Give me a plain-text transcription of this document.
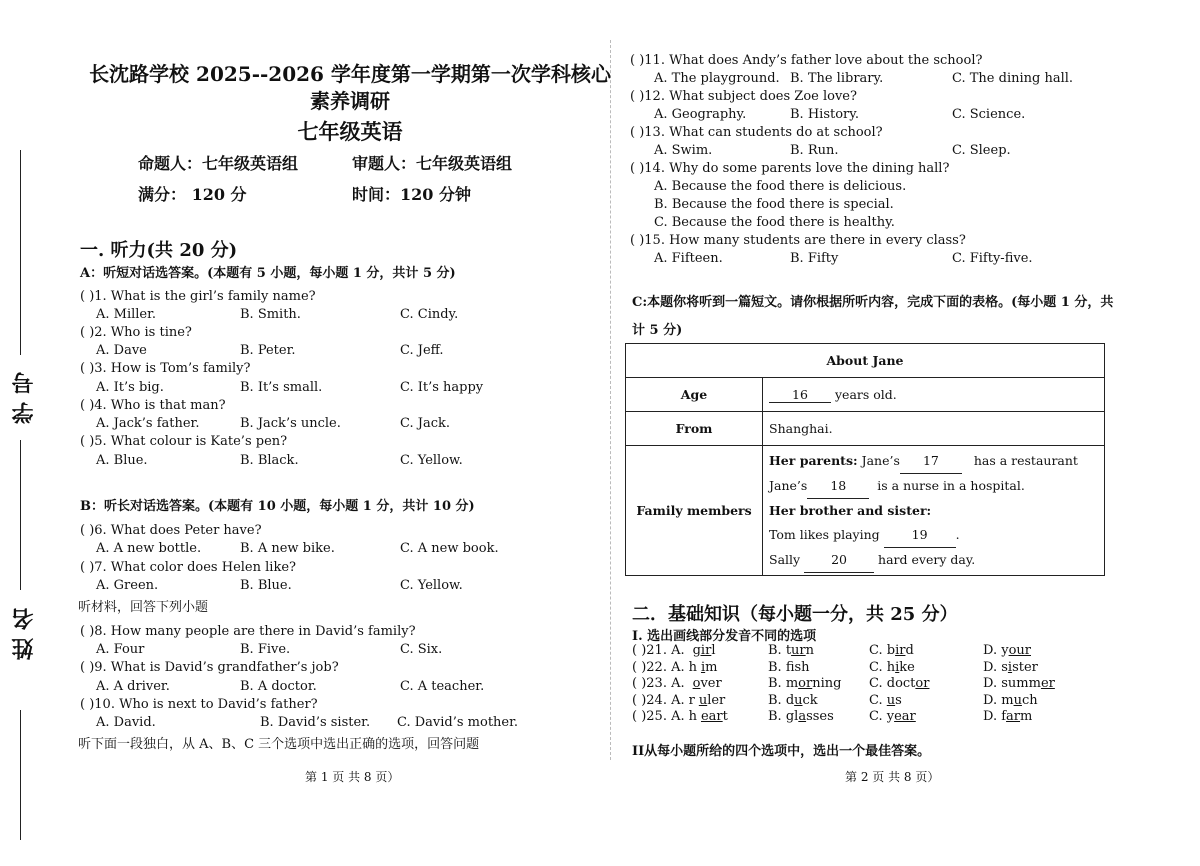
学 号
姓 名
长沈路学校 2025--2026 学年度第一学期第一次学科核心
素养调研
七年级英语
命题人：七年级英语组	审题人：七年级英语组
满分： 120 分	时间：120 分钟
一. 听力(共 20 分)
A：听短对话选答案。(本题有 5 小题，每小题 1 分，共计 5 分)
( )1. What is the girl’s family name?
A. Miller.	B. Smith.	C. Cindy.
( )2. Who is tine?
A. Dave	B. Peter.	C. Jeff.
( )3. How is Tom’s family?
A. It’s big.	B. It’s small.	C. It’s happy
( )4. Who is that man?
A. Jack’s father.	B. Jack’s uncle.	C. Jack.
( )5. What colour is Kate’s pen?
A. Blue.	B. Black.	C. Yellow.
B：听长对话选答案。(本题有 10 小题，每小题 1 分，共计 10 分)
( )6. What does Peter have?
A. A new bottle.	B. A new bike.	C. A new book.
( )7. What color does Helen like?
A. Green.	B. Blue.	C. Yellow.
听材料，回答下列小题
( )8. How many people are there in David’s family?
A. Four	B. Five.	C. Six.
( )9. What is David’s grandfather’s job?
A. A driver.	B. A doctor.	C. A teacher.
( )10. Who is next to David’s father?
A. David.	B. David’s sister. C. David’s mother.
听下面一段独白，从 A、B、C 三个选项中选出正确的选项，回答问题
第 1 页 共 8 页）
( )11. What does Andy’s father love about the school?
A. The playground. B. The library.	C. The dining hall.
( )12. What subject does Zoe love?
A. Geography.	B. History.	C. Science.
( )13. What can students do at school?
A. Swim.	B. Run.	C. Sleep.
( )14. Why do some parents love the dining hall?
A. Because the food there is delicious.
B. Because the food there is special.
C. Because the food there is healthy.
( )15. How many students are there in every class?
A. Fifteen.	B. Fifty	C. Fifty-five.
C:本题你将听到一篇短文。请你根据所听内容，完成下面的表格。(每小题 1 分，共
计 5 分)
About Jane	
Age	16 years old.
From	Shanghai.
Family members	Her parents: Jane’s 17 has a restaurant
Jane’s 18 is a nurse in a hospital.
Her brother and sister:
Tom likes playing 19 .
Sally 20 hard every day.
二．基础知识（每小题一分，共 25 分）
I. 选出画线部分发音不同的选项
( )21. A. girl	B. turn	C. bird	D. your
( )22. A. h im	B. fsh	C. hike	D. sister
( )23. A. over	B. morning C. doctor	D. summer
( )24. A. r uler	B. duck	C. us	D. much
( )25. A. h eart	B. glasses	C. year	D. farm
II从每小题所给的四个选项中，选出一个最佳答案。
第 2 页 共 8 页）
